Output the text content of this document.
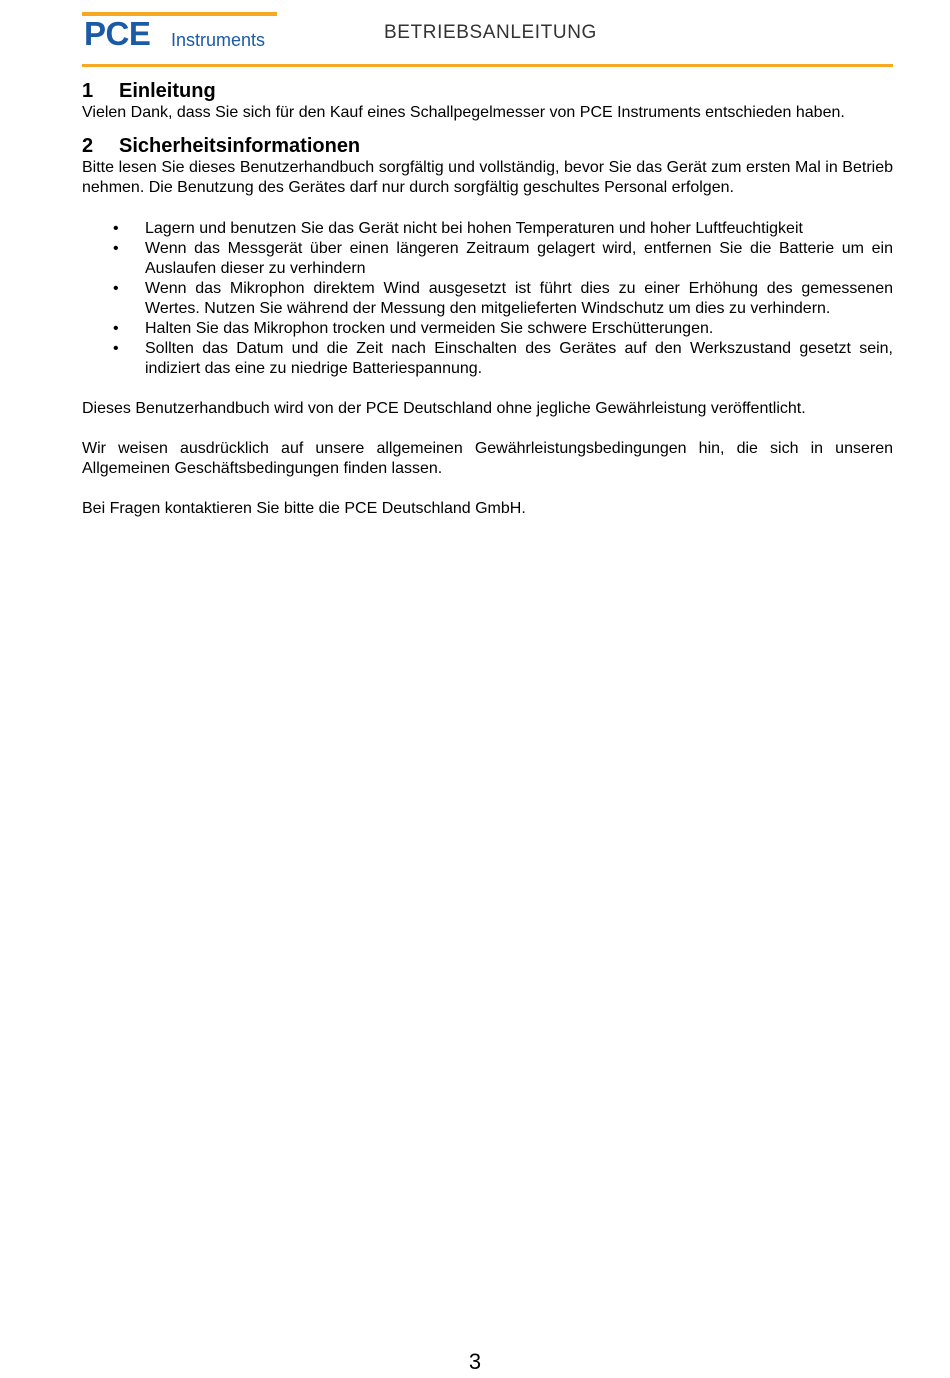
PCE Instruments	BETRIEBSANLEITUNG
1 Einleitung

Vielen Dank, dass Sie sich für den Kauf eines Schallpegelmesser von PCE Instruments entschieden haben.

2 Sicherheitsinformationen

Bitte lesen Sie dieses Benutzerhandbuch sorgfältig und vollständig, bevor Sie das Gerät zum ersten Mal in Betrieb nehmen. Die Benutzung des Gerätes darf nur durch sorgfältig geschultes Personal erfolgen.

• Lagern und benutzen Sie das Gerät nicht bei hohen Temperaturen und hoher Luftfeuchtigkeit
• Wenn das Messgerät über einen längeren Zeitraum gelagert wird, entfernen Sie die Batterie um ein Auslaufen dieser zu verhindern
• Wenn das Mikrophon direktem Wind ausgesetzt ist führt dies zu einer Erhöhung des gemessenen Wertes. Nutzen Sie während der Messung den mitgelieferten Windschutz um dies zu verhindern.
• Halten Sie das Mikrophon trocken und vermeiden Sie schwere Erschütterungen.
• Sollten das Datum und die Zeit nach Einschalten des Gerätes auf den Werkszustand gesetzt sein, indiziert das eine zu niedrige Batteriespannung.

Dieses Benutzerhandbuch wird von der PCE Deutschland ohne jegliche Gewährleistung veröffentlicht.

Wir weisen ausdrücklich auf unsere allgemeinen Gewährleistungsbedingungen hin, die sich in unseren Allgemeinen Geschäftsbedingungen finden lassen.

Bei Fragen kontaktieren Sie bitte die PCE Deutschland GmbH.

3
